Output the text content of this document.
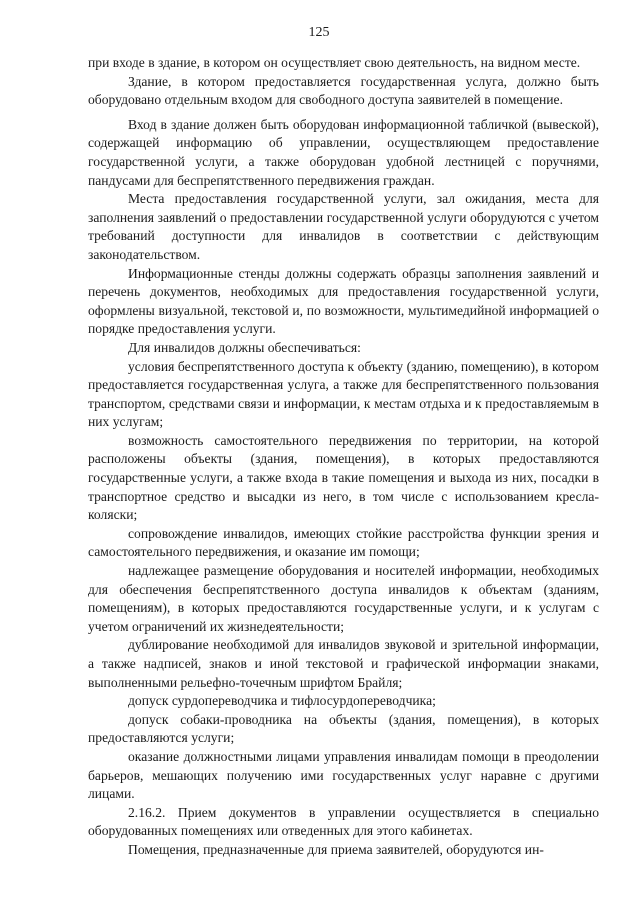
125

при входе в здание, в котором он осуществляет свою деятельность, на видном месте.

Здание, в котором предоставляется государственная услуга, должно быть оборудовано отдельным входом для свободного доступа заявителей в помещение.

Вход в здание должен быть оборудован информационной табличкой (вывеской), содержащей информацию об управлении, осуществляющем предоставление государственной услуги, а также оборудован удобной лестницей с поручнями, пандусами для беспрепятственного передвижения граждан.

Места предоставления государственной услуги, зал ожидания, места для заполнения заявлений о предоставлении государственной услуги оборудуются с учетом требований доступности для инвалидов в соответствии с действующим законодательством.

Информационные стенды должны содержать образцы заполнения заявлений и перечень документов, необходимых для предоставления государственной услуги, оформлены визуальной, текстовой и, по возможности, мультимедийной информацией о порядке предоставления услуги.

Для инвалидов должны обеспечиваться:

условия беспрепятственного доступа к объекту (зданию, помещению), в котором предоставляется государственная услуга, а также для беспрепятственного пользования транспортом, средствами связи и информации, к местам отдыха и к предоставляемым в них услугам;

возможность самостоятельного передвижения по территории, на которой расположены объекты (здания, помещения), в которых предоставляются государственные услуги, а также входа в такие помещения и выхода из них, посадки в транспортное средство и высадки из него, в том числе с использованием кресла-коляски;

сопровождение инвалидов, имеющих стойкие расстройства функции зрения и самостоятельного передвижения, и оказание им помощи;

надлежащее размещение оборудования и носителей информации, необходимых для обеспечения беспрепятственного доступа инвалидов к объектам (зданиям, помещениям), в которых предоставляются государственные услуги, и к услугам с учетом ограничений их жизнедеятельности;

дублирование необходимой для инвалидов звуковой и зрительной информации, а также надписей, знаков и иной текстовой и графической информации знаками, выполненными рельефно-точечным шрифтом Брайля;

допуск сурдопереводчика и тифлосурдопереводчика;

допуск собаки-проводника на объекты (здания, помещения), в которых предоставляются услуги;

оказание должностными лицами управления инвалидам помощи в преодолении барьеров, мешающих получению ими государственных услуг наравне с другими лицами.

2.16.2. Прием документов в управлении осуществляется в специально оборудованных помещениях или отведенных для этого кабинетах.

Помещения, предназначенные для приема заявителей, оборудуются ин-
